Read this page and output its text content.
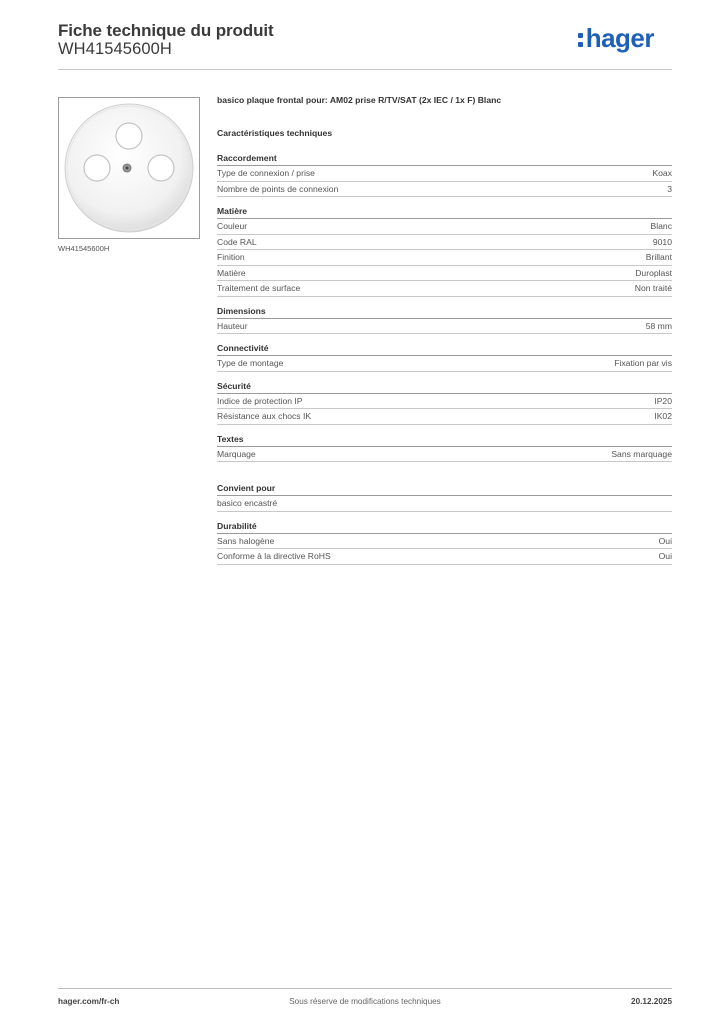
Fiche technique du produit
WH41545600H	hager
WH41545600H
basico plaque frontal pour: AM02 prise R/TV/SAT (2x IEC / 1x F) Blanc
Caractéristiques techniques
Raccordement
Type de connexion / prise	Koax
Nombre de points de connexion	3
Matière
Couleur	Blanc
Code RAL	9010
Finition	Brillant
Matière	Duroplast
Traitement de surface	Non traité
Dimensions
Hauteur	58 mm
Connectivité
Type de montage	Fixation par vis
Sécurité
Indice de protection IP	IP20
Résistance aux chocs IK	IK02
Textes
Marquage	Sans marquage
Convient pour
basico encastré
Durabilité
Sans halogène	Oui
Conforme à la directive RoHS	Oui
hager.com/fr-ch	Sous réserve de modifications techniques	20.12.2025
